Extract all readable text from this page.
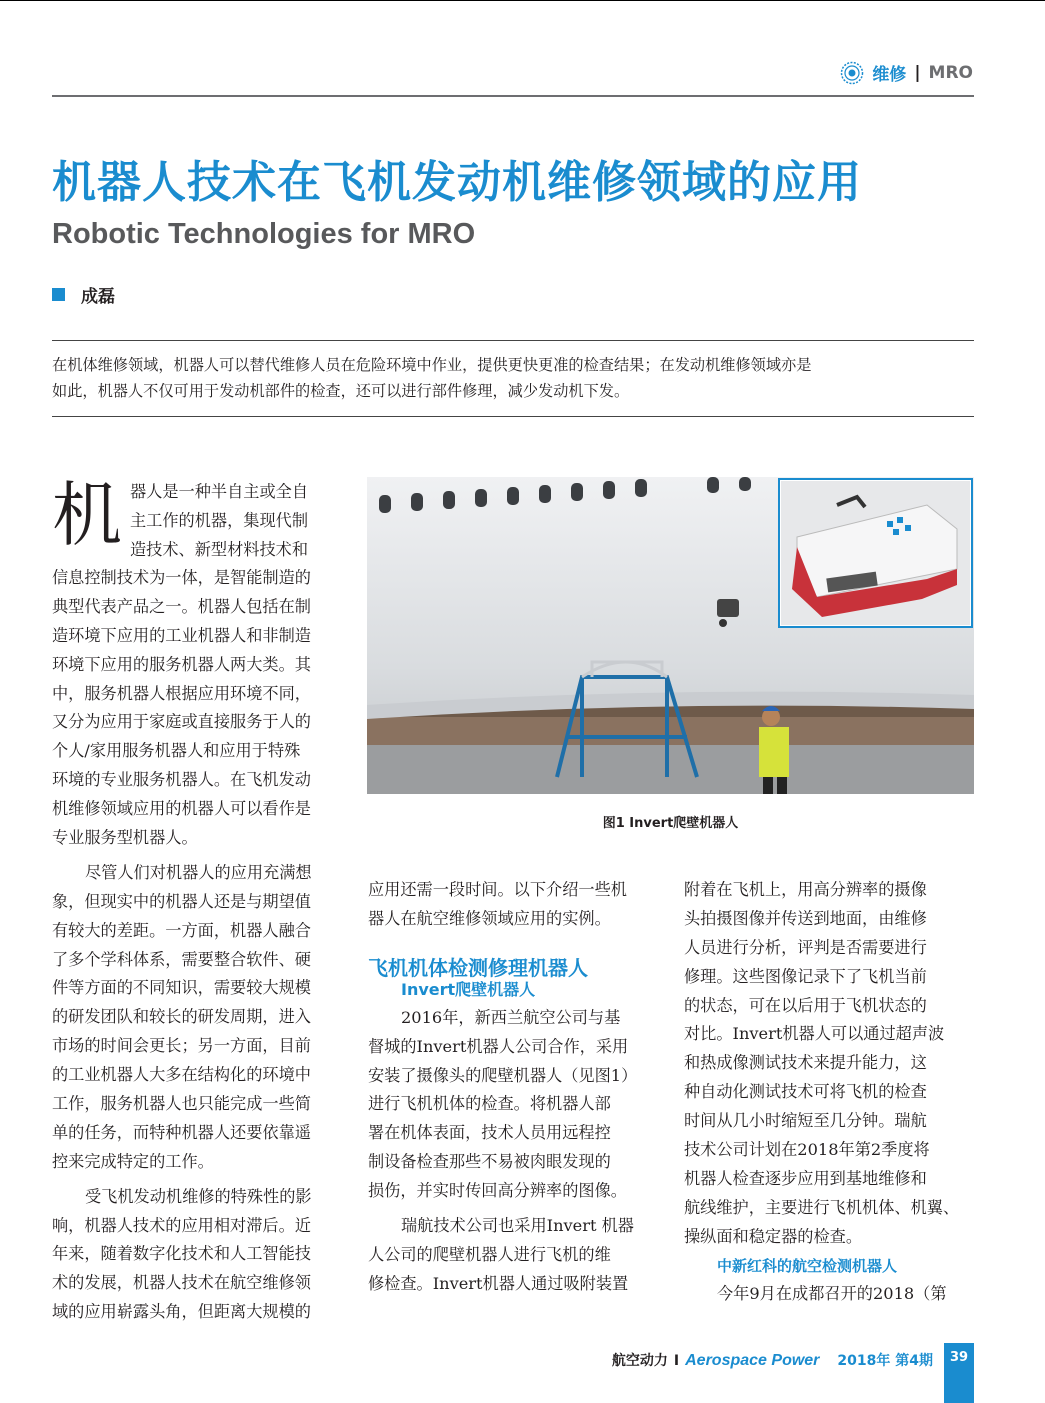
维修 | MRO
机器人技术在飞机发动机维修领域的应用
Robotic Technologies for MRO
成磊
在机体维修领域，机器人可以替代维修人员在危险环境中作业，提供更快更准的检查结果；在发动机维修领域亦是
如此，机器人不仅可用于发动机部件的检查，还可以进行部件修理，减少发动机下发。
机 器人是一种半自主或全自
主工作的机器，集现代制
造技术、新型材料技术和
信息控制技术为一体，是智能制造的
典型代表产品之一。机器人包括在制
造环境下应用的工业机器人和非制造
环境下应用的服务机器人两大类。其
中，服务机器人根据应用环境不同，
又分为应用于家庭或直接服务于人的
个人/家用服务机器人和应用于特殊
环境的专业服务机器人。在飞机发动
机维修领域应用的机器人可以看作是
专业服务型机器人。
尽管人们对机器人的应用充满想
象，但现实中的机器人还是与期望值
有较大的差距。一方面，机器人融合
了多个学科体系，需要整合软件、硬
件等方面的不同知识，需要较大规模
的研发团队和较长的研发周期，进入
市场的时间会更长；另一方面，目前
的工业机器人大多在结构化的环境中
工作，服务机器人也只能完成一些简
单的任务，而特种机器人还要依靠遥
控来完成特定的工作。
受飞机发动机维修的特殊性的影
响，机器人技术的应用相对滞后。近
年来，随着数字化技术和人工智能技
术的发展，机器人技术在航空维修领
域的应用崭露头角，但距离大规模的
图1 Invert爬壁机器人
应用还需一段时间。以下介绍一些机
器人在航空维修领域应用的实例。
飞机机体检测修理机器人
Invert爬壁机器人
2016年，新西兰航空公司与基
督城的Invert机器人公司合作，采用
安装了摄像头的爬壁机器人（见图1）
进行飞机机体的检查。将机器人部
署在机体表面，技术人员用远程控
制设备检查那些不易被肉眼发现的
损伤，并实时传回高分辨率的图像。
瑞航技术公司也采用Invert 机器
人公司的爬壁机器人进行飞机的维
修检查。Invert机器人通过吸附装置
附着在飞机上，用高分辨率的摄像
头拍摄图像并传送到地面，由维修
人员进行分析，评判是否需要进行
修理。这些图像记录下了飞机当前
的状态，可在以后用于飞机状态的
对比。Invert机器人可以通过超声波
和热成像测试技术来提升能力，这
种自动化测试技术可将飞机的检查
时间从几小时缩短至几分钟。瑞航
技术公司计划在2018年第2季度将
机器人检查逐步应用到基地维修和
航线维护，主要进行飞机机体、机翼、
操纵面和稳定器的检查。
中新红科的航空检测机器人
今年9月在成都召开的2018（第
航空动力 I Aerospace Power 2018年 第4期	39
